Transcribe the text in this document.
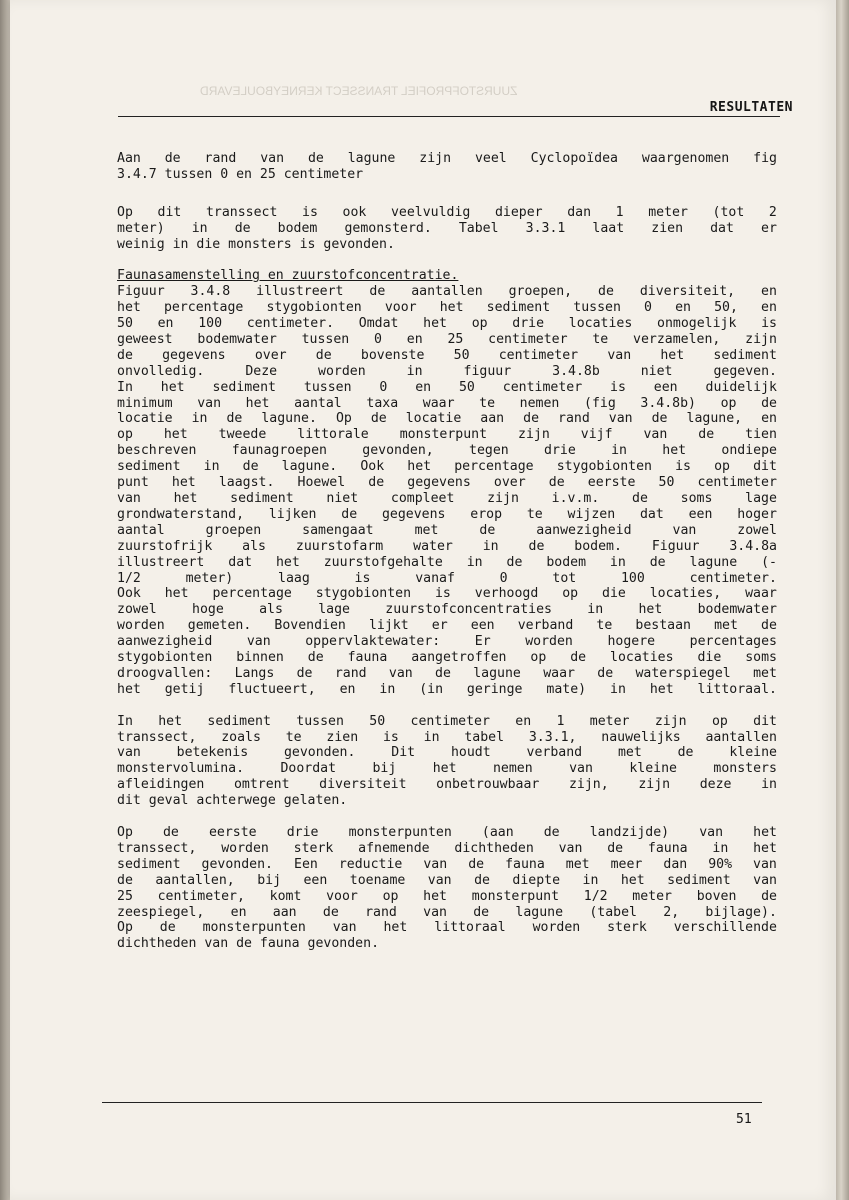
ZUURSTOFPROFIEL TRANSSECT KERNEYBOULEVARD
RESULTATEN
Aan de rand van de lagune zijn veel Cyclopoïdea waargenomen fig
3.4.7 tussen 0 en 25 centimeter
Op dit transsect is ook veelvuldig dieper dan 1 meter (tot 2
meter) in de bodem gemonsterd. Tabel 3.3.1 laat zien dat er
weinig in die monsters is gevonden.
Faunasamenstelling en zuurstofconcentratie.
Figuur 3.4.8 illustreert de aantallen groepen, de diversiteit, en
het percentage stygobionten voor het sediment tussen 0 en 50, en
50 en 100 centimeter. Omdat het op drie locaties onmogelijk is
geweest bodemwater tussen 0 en 25 centimeter te verzamelen, zijn
de gegevens over de bovenste 50 centimeter van het sediment
onvolledig.	Deze	worden	in	figuur	3.4.8b	niet	gegeven.
In het sediment tussen 0 en 50 centimeter is een duidelijk
minimum van het aantal taxa waar te nemen (fig 3.4.8b) op de
locatie in de lagune. Op de locatie aan de rand van de lagune, en
op het tweede littorale monsterpunt zijn vijf van de tien
beschreven	faunagroepen	gevonden,	tegen	drie	in	het	ondiepe
sediment in de lagune. Ook het percentage stygobionten is op dit
punt het laagst. Hoewel de gegevens over de eerste 50 centimeter
van het sediment niet compleet zijn i.v.m. de soms lage
grondwaterstand, lijken de gegevens erop te wijzen dat een hoger
aantal	groepen	samengaat	met	de	aanwezigheid	van	zowel
zuurstofrijk als zuurstofarm water in de bodem. Figuur 3.4.8a
illustreert dat het zuurstofgehalte in de bodem in de lagune (-
1/2	meter)	laag	is	vanaf	0	tot	100	centimeter.
Ook het percentage stygobionten is verhoogd op die locaties, waar
zowel	hoge	als	lage	zuurstofconcentraties	in	het	bodemwater
worden gemeten. Bovendien lijkt er een verband te bestaan met de
aanwezigheid	van	oppervlaktewater:	Er	worden	hogere	percentages
stygobionten binnen de fauna aangetroffen op de locaties die soms
droogvallen: Langs de rand van de lagune waar de waterspiegel met
het getij fluctueert, en in (in geringe mate) in het littoraal.
In het sediment tussen 50 centimeter en 1 meter zijn op dit
transsect, zoals te zien is in tabel 3.3.1, nauwelijks aantallen
van	betekenis	gevonden.	Dit	houdt	verband	met	de	kleine
monstervolumina.	Doordat	bij	het	nemen	van	kleine	monsters
afleidingen omtrent diversiteit onbetrouwbaar zijn, zijn deze in
dit geval achterwege gelaten.
Op de eerste drie monsterpunten (aan de landzijde) van het
transsect, worden sterk afnemende dichtheden van de fauna in het
sediment gevonden. Een reductie van de fauna met meer dan 90% van
de aantallen, bij een toename van de diepte in het sediment van
25 centimeter, komt voor op het monsterpunt 1/2 meter boven de
zeespiegel, en aan de rand van de lagune (tabel 2, bijlage).
Op de monsterpunten van het littoraal worden sterk verschillende
dichtheden van de fauna gevonden.
51
